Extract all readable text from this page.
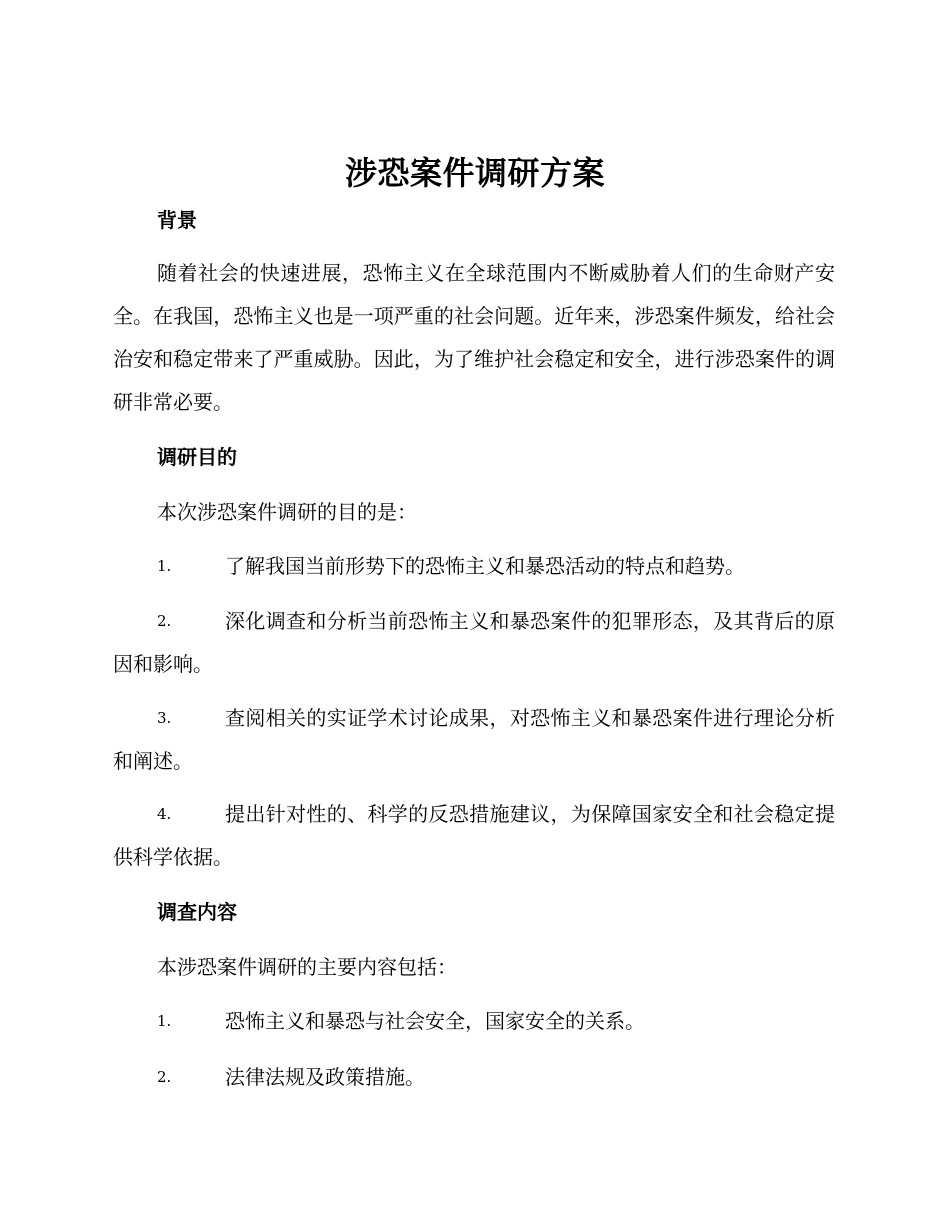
涉恐案件调研方案
背景

随着社会的快速进展，恐怖主义在全球范围内不断威胁着人们的生命财产安全。在我国，恐怖主义也是一项严重的社会问题。近年来，涉恐案件频发，给社会治安和稳定带来了严重威胁。因此，为了维护社会稳定和安全，进行涉恐案件的调研非常必要。

调研目的
本次涉恐案件调研的目的是：
1.	了解我国当前形势下的恐怖主义和暴恐活动的特点和趋势。
2.	深化调查和分析当前恐怖主义和暴恐案件的犯罪形态，及其背后的原因和影响。
3.	查阅相关的实证学术讨论成果，对恐怖主义和暴恐案件进行理论分析和阐述。
4.	提出针对性的、科学的反恐措施建议，为保障国家安全和社会稳定提供科学依据。
调查内容
本涉恐案件调研的主要内容包括：
1.	恐怖主义和暴恐与社会安全，国家安全的关系。
2.	法律法规及政策措施。
